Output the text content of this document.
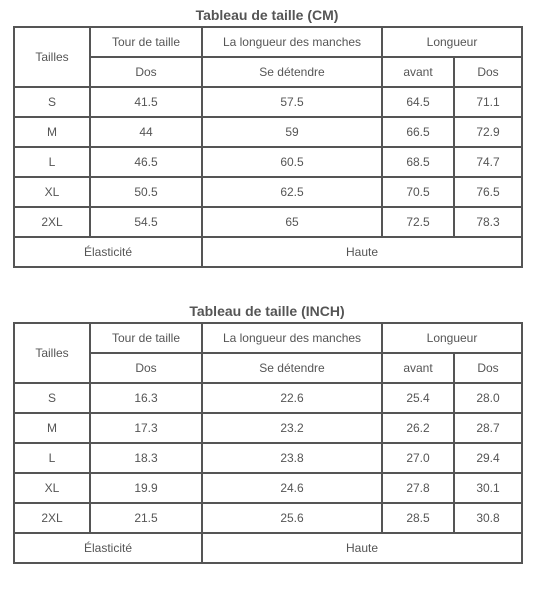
Tableau de taille (CM)
Tailles	Tour de taille	La longueur des manches	Longueur	
	Dos	Se détendre	avant	Dos
S	41.5	57.5	64.5	71.1
M	44	59	66.5	72.9
L	46.5	60.5	68.5	74.7
XL	50.5	62.5	70.5	76.5
2XL	54.5	65	72.5	78.3
Élasticité		Haute		
Tableau de taille (INCH)
Tailles	Tour de taille	La longueur des manches	Longueur	
	Dos	Se détendre	avant	Dos
S	16.3	22.6	25.4	28.0
M	17.3	23.2	26.2	28.7
L	18.3	23.8	27.0	29.4
XL	19.9	24.6	27.8	30.1
2XL	21.5	25.6	28.5	30.8
Élasticité		Haute		
